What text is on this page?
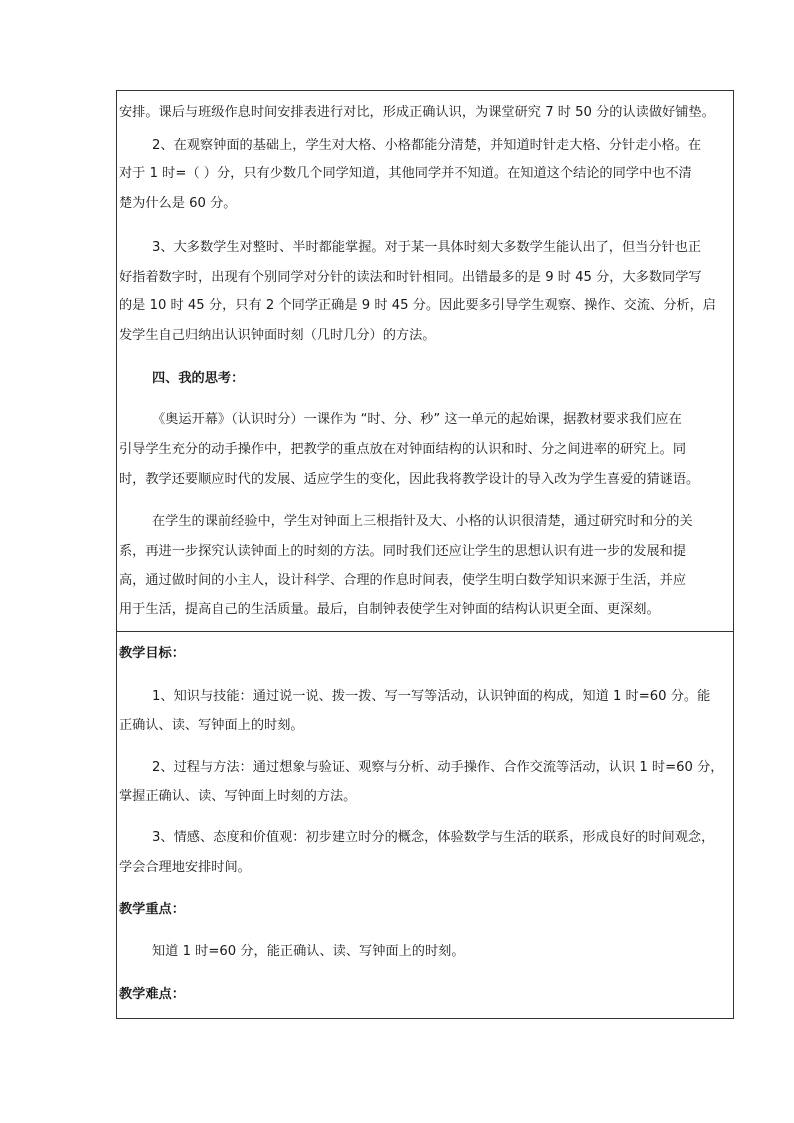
安排。课后与班级作息时间安排表进行对比，形成正确认识，为课堂研究 7 时 50 分的认读做好铺垫。
2、在观察钟面的基础上，学生对大格、小格都能分清楚，并知道时针走大格、分针走小格。在
对于 1 时=（ ）分，只有少数几个同学知道，其他同学并不知道。在知道这个结论的同学中也不清
楚为什么是 60 分。
3、大多数学生对整时、半时都能掌握。对于某一具体时刻大多数学生能认出了，但当分针也正
好指着数字时，出现有个别同学对分针的读法和时针相同。出错最多的是 9 时 45 分，大多数同学写
的是 10 时 45 分，只有 2 个同学正确是 9 时 45 分。因此要多引导学生观察、操作、交流、分析，启
发学生自己归纳出认识钟面时刻（几时几分）的方法。
四、我的思考：
《奥运开幕》（认识时分）一课作为 “时、分、秒” 这一单元的起始课，据教材要求我们应在
引导学生充分的动手操作中，把教学的重点放在对钟面结构的认识和时、分之间进率的研究上。同
时，教学还要顺应时代的发展、适应学生的变化，因此我将教学设计的导入改为学生喜爱的猜谜语。
在学生的课前经验中，学生对钟面上三根指针及大、小格的认识很清楚，通过研究时和分的关
系，再进一步探究认读钟面上的时刻的方法。同时我们还应让学生的思想认识有进一步的发展和提
高，通过做时间的小主人，设计科学、合理的作息时间表，使学生明白数学知识来源于生活，并应
用于生活，提高自己的生活质量。最后，自制钟表使学生对钟面的结构认识更全面、更深刻。
教学目标：
1、知识与技能：通过说一说、拨一拨、写一写等活动，认识钟面的构成，知道 1 时=60 分。能
正确认、读、写钟面上的时刻。
2、过程与方法：通过想象与验证、观察与分析、动手操作、合作交流等活动，认识 1 时=60 分，
掌握正确认、读、写钟面上时刻的方法。
3、情感、态度和价值观：初步建立时分的概念，体验数学与生活的联系，形成良好的时间观念，
学会合理地安排时间。
教学重点：
知道 1 时=60 分，能正确认、读、写钟面上的时刻。
教学难点：
